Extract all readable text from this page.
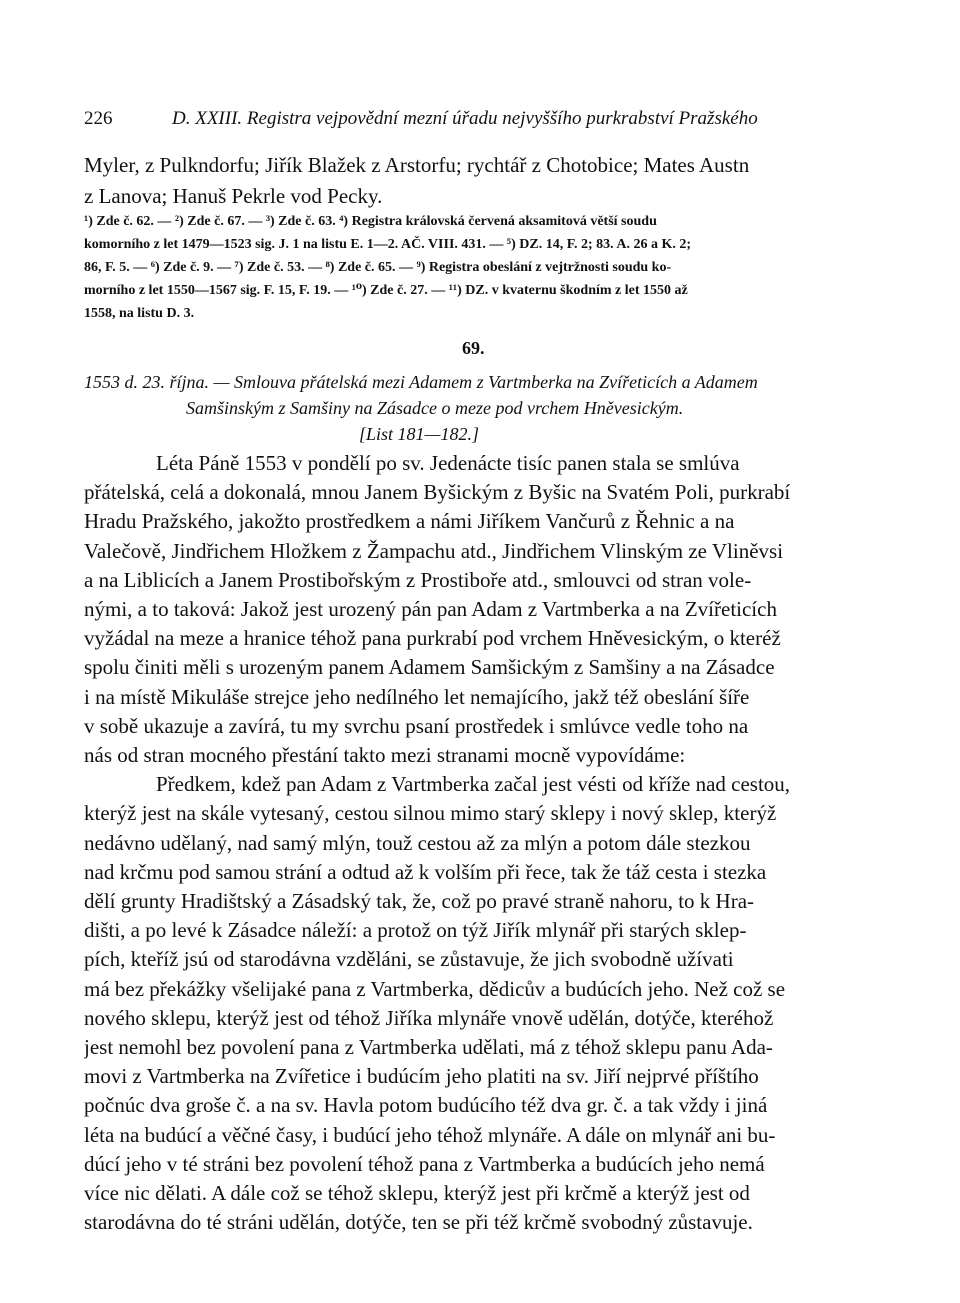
226	D. XXIII. Registra vejpovědní mezní úřadu nejvyššího purkrabství Pražského
Myler, z Pulkndorfu; Jiřík Blažek z Arstorfu; rychtář z Chotobice; Mates Austn
z Lanova; Hanuš Pekrle vod Pecky.
¹) Zde č. 62. — ²) Zde č. 67. — ³) Zde č. 63. ⁴) Registra královská červená aksamitová větší soudu
komorního z let 1479—1523 sig. J. 1 na listu E. 1—2. AČ. VIII. 431. — ⁵) DZ. 14, F. 2; 83. A. 26 a K. 2;
86, F. 5. — ⁶) Zde č. 9. — ⁷) Zde č. 53. — ⁸) Zde č. 65. — ⁹) Registra obeslání z vejtržnosti soudu ko-
morního z let 1550—1567 sig. F. 15, F. 19. — ¹⁰) Zde č. 27. — ¹¹) DZ. v kvaternu škodním z let 1550 až
1558, na listu D. 3.
69.
1553 d. 23. října. — Smlouva přátelská mezi Adamem z Vartmberka na Zvířeticích a Adamem
Samšinským z Samšiny na Zásadce o meze pod vrchem Hněvesickým.
[List 181—182.]
Léta Páně 1553 v pondělí po sv. Jedenácte tisíc panen stala se smlúva
přátelská, celá a dokonalá, mnou Janem Byšickým z Byšic na Svatém Poli, purkrabí
Hradu Pražského, jakožto prostředkem a námi Jiříkem Vančurů z Řehnic a na
Valečově, Jindřichem Hložkem z Žampachu atd., Jindřichem Vlinským ze Vliněvsi
a na Liblicích a Janem Prostibořským z Prostiboře atd., smlouvci od stran vole-
nými, a to taková: Jakož jest urozený pán pan Adam z Vartmberka a na Zvířeticích
vyžádal na meze a hranice téhož pana purkrabí pod vrchem Hněvesickým, o kteréž
spolu činiti měli s urozeným panem Adamem Samšickým z Samšiny a na Zásadce
i na místě Mikuláše strejce jeho nedílného let nemajícího, jakž též obeslání šíře
v sobě ukazuje a zavírá, tu my svrchu psaní prostředek i smlúvce vedle toho na
nás od stran mocného přestání takto mezi stranami mocně vypovídáme:
Předkem, kdež pan Adam z Vartmberka začal jest vésti od kříže nad cestou,
kterýž jest na skále vytesaný, cestou silnou mimo starý sklepy i nový sklep, kterýž
nedávno udělaný, nad samý mlýn, touž cestou až za mlýn a potom dále stezkou
nad krčmu pod samou strání a odtud až k volším při řece, tak že táž cesta i stezka
dělí grunty Hradištský a Zásadský tak, že, což po pravé straně nahoru, to k Hra-
dišti, a po levé k Zásadce náleží: a protož on týž Jiřík mlynář při starých sklep-
pích, kteříž jsú od starodávna vzděláni, se zůstavuje, že jich svobodně užívati
má bez překážky všelijaké pana z Vartmberka, dědicův a budúcích jeho. Než což se
nového sklepu, kterýž jest od téhož Jiříka mlynáře vnově udělán, dotýče, kteréhož
jest nemohl bez povolení pana z Vartmberka udělati, má z téhož sklepu panu Ada-
movi z Vartmberka na Zvířetice i budúcím jeho platiti na sv. Jiří nejprvé příštího
počnúc dva groše č. a na sv. Havla potom budúcího též dva gr. č. a tak vždy i jiná
léta na budúcí a věčné časy, i budúcí jeho téhož mlynáře. A dále on mlynář ani bu-
dúcí jeho v té stráni bez povolení téhož pana z Vartmberka a budúcích jeho nemá
více nic dělati. A dále což se téhož sklepu, kterýž jest při krčmě a kterýž jest od
starodávna do té stráni udělán, dotýče, ten se při též krčmě svobodný zůstavuje.
